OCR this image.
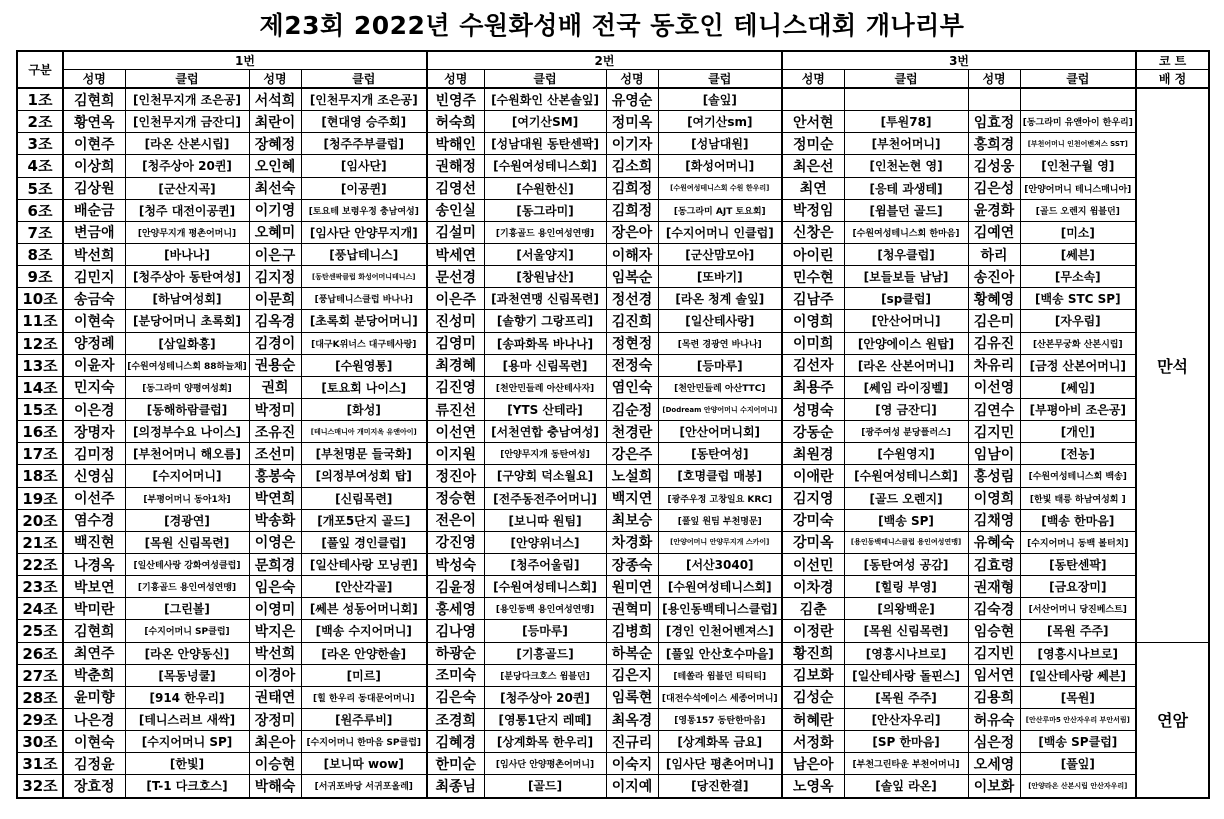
제23회 2022년 수원화성배 전국 동호인 테니스대회 개나리부
구분	1번				2번				3번				코 트
	성명	클럽	성명	클럽	성명	클럽	성명	클럽	성명	클럽	성명	클럽	배 정
1조	김현희	[인천무지개 조은공]	서석희	[인천무지개 조은공]	빈영주	[수원화인 산본솔잎]	유영순	[솔잎]					만석
2조	황연옥	[인천무지개 금잔디]	최란이	[현대영 승주회]	허숙희	[여기산SM]	정미옥	[여기산sm]	안서현	[투원78]	임효정	[동그라미 유앤아이 한우리]	
3조	이현주	[라온 산본시립]	장혜정	[청주주부클럽]	박해인	[성남대원 동탄센팍]	이기자	[성남대원]	정미순	[부천어머니]	홍희경	[부천어머니 인천어벤져스 SST]	
4조	이상희	[청주상아 20퀸]	오인혜	[임사단]	권해정	[수원여성테니스회]	김소희	[화성어머니]	최은선	[인천논현 영]	김성웅	[인천구월 영]	
5조	김상원	[군산지곡]	최선숙	[이공퀸]	김영선	[수원한신]	김희정	[수원여성테니스회 수원 한우리]	최연	[응테 과생테]	김은성	[안양어머니 테니스매니아]	
6조	배순금	[청주 대전이공퀸]	이기영	[토요테 보령우정 충남여성]	송인실	[동그라미]	김희정	[동그라미 AJT 토요회]	박정임	[윔블던 골드]	윤경화	[골드 오렌지 윔블던]	
7조	변금애	[안양무지개 평촌어머니]	오혜미	[임사단 안양무지개]	김설미	[기흥골드 용인여성연맹]	장은아	[수지어머니 인클럽]	신창은	[수원여성테니스회 한마음]	김예연	[미소]	
8조	박선희	[바나나]	이은구	[풍납테니스]	박세연	[서울양지]	이해자	[군산맘모아]	아이린	[청우클럽]	하리	[쎄븐]	
9조	김민지	[청주상아 동탄여성]	김지정	[동탄센팍클럽 화성어머니테니스]	문선경	[창원남산]	임복순	[또바기]	민수현	[보들보들 남남]	송진아	[무소속]	
10조	송금숙	[하남여성회]	이문희	[풍납테니스클럽 바나나]	이은주	[과천연맹 신림목련]	정선경	[라온 청계 솔잎]	김남주	[sp클럽]	황혜영	[백송 STC SP]	
11조	이현숙	[분당어머니 초록회]	김옥경	[초록회 분당어머니]	진성미	[솔향기 그랑프리]	김진희	[일산테사랑]	이영희	[안산어머니]	김은미	[자우림]	
12조	양정례	[삼일화홍]	김경이	[대구K위너스 대구테사랑]	김영미	[송파화목 바나나]	정현정	[목련 경광연 바나나]	이미희	[안양에이스 원탑]	김유진	[산본무궁화 산본시립]	
13조	이윤자	[수원여성테니스회 88하늘채]	권용순	[수원영통]	최경혜	[용마 신림목련]	전정숙	[등마루]	김선자	[라온 산본어머니]	차유리	[금정 산본어머니]	
14조	민지숙	[동그라미 양평여성회]	권희	[토요회 나이스]	김진영	[천안민들레 아산테사자]	염인숙	[천안민들레 아산TTC]	최용주	[쎄임 라이징벨]	이선영	[쎄임]	
15조	이은경	[동해하람클럽]	박정미	[화성]	류진선	[YTS 산테라]	김순정	[Dodream 안양어머니 수지어머니]	성명숙	[영 금잔디]	김연수	[부평아비 조은공]	
16조	장명자	[의정부수요 나이스]	조유진	[테니스매니아 개미지옥 유앤아이]	이선연	[서천연합 충남여성]	천경란	[안산어머니회]	강동순	[광주여성 분당플러스]	김지민	[개인]	
17조	김미정	[부천어머니 해오름]	조선미	[부천명문 들국화]	이지원	[안양무지개 동탄여성]	강은주	[동탄여성]	최원경	[수원영지]	임남이	[전농]	
18조	신영심	[수지어머니]	홍봉숙	[의정부여성회 탑]	정진아	[구양회 덕소월요]	노설희	[호명클럽 매봉]	이애란	[수원여성테니스회]	홍성림	[수원여성테니스회 백송]	
19조	이선주	[부평어머니 동아1차]	박연희	[신림목련]	정승현	[전주동전주어머니]	백지연	[광주우정 고창일요 KRC]	김지영	[골드 오렌지]	이영희	[한빛 태릉 하남여성회 ]	
20조	염수경	[경광연]	박송화	[개포5단지 골드]	전은이	[보니따 원팀]	최보승	[풀잎 원팀 부천명문]	강미숙	[백송 SP]	김채영	[백송 한마음]	
21조	백진현	[목원 신림목련]	이영은	[풀잎 경인클럽]	강진영	[안양위너스]	차경화	[안양어머니 안양무지개 스카이]	강미옥	[용인동백테니스클럽 용인여성연맹]	유혜숙	[수지어머니 동백 볼터치]	
22조	나경옥	[일산테사랑 강화여성클럽]	문희경	[일산테사랑 모닝퀸]	박성숙	[청주어울림]	장종숙	[서산3040]	이선민	[동탄여성 공감]	김효령	[동탄센팍]	
23조	박보연	[기흥골드 용인여성연맹]	임은숙	[안산각골]	김윤정	[수원여성테니스회]	원미연	[수원여성테니스회]	이차경	[힐링 부영]	권재형	[금요장미]	
24조	박미란	[그린볼]	이영미	[쎄븐 성동어머니회]	홍세영	[용인동백 용인여성연맹]	권혁미	[용인동백테니스클럽]	김춘	[의왕백운]	김숙경	[서산어머니 당진베스트]	
25조	김현희	[수지어머니 SP클럽]	박지은	[백송 수지어머니]	김나영	[등마루]	김병희	[경인 인천어벤져스]	이정란	[목원 신림목련]	임승현	[목원 주주]	
26조	최연주	[라온 안양동신]	박선희	[라온 안양한솔]	하광순	[기흥골드]	하복순	[풀잎 안산호수마을]	황진희	[영흥시나브로]	김지빈	[영흥시나브로]	연암
27조	박춘희	[목동넝쿨]	이경아	[미르]	조미숙	[분당다크호스 윔블던]	김은지	[테쏠라 윔블던 티티티]	김보화	[일산테사랑 돌핀스]	임서연	[일산테사랑 쎄븐]	
28조	윤미향	[914 한우리]	권태연	[힐 한우리 동대문어머니]	김은숙	[청주상아 20퀸]	임록현	[대전수석에이스 세종어머니]	김성순	[목원 주주]	김용희	[목원]	
29조	나은경	[테니스러브 새싹]	장정미	[원주루비]	조경희	[영통1단지 레떼]	최옥경	[영통157 동탄한마음]	허혜란	[안산자우리]	허유숙	[안산루마5 안산자우리 부안서림]	
30조	이현숙	[수지어머니 SP]	최은아	[수지어머니 한마음 SP클럽]	김혜경	[상계화목 한우리]	진규리	[상계화목 금요]	서정화	[SP 한마음]	심은정	[백송 SP클럽]	
31조	김정윤	[한빛]	이승현	[보니따 wow]	한미순	[임사단 안양평촌어머니]	이숙지	[임사단 평촌어머니]	남은아	[부천그린타운 부천어머니]	오세영	[풀잎]	
32조	장효정	[T-1 다크호스]	박해숙	[서귀포바당 서귀포올레]	최종님	[골드]	이지예	[당진한결]	노영옥	[솔잎 라온]	이보화	[안양라온 산본시립 안산자우리]	
